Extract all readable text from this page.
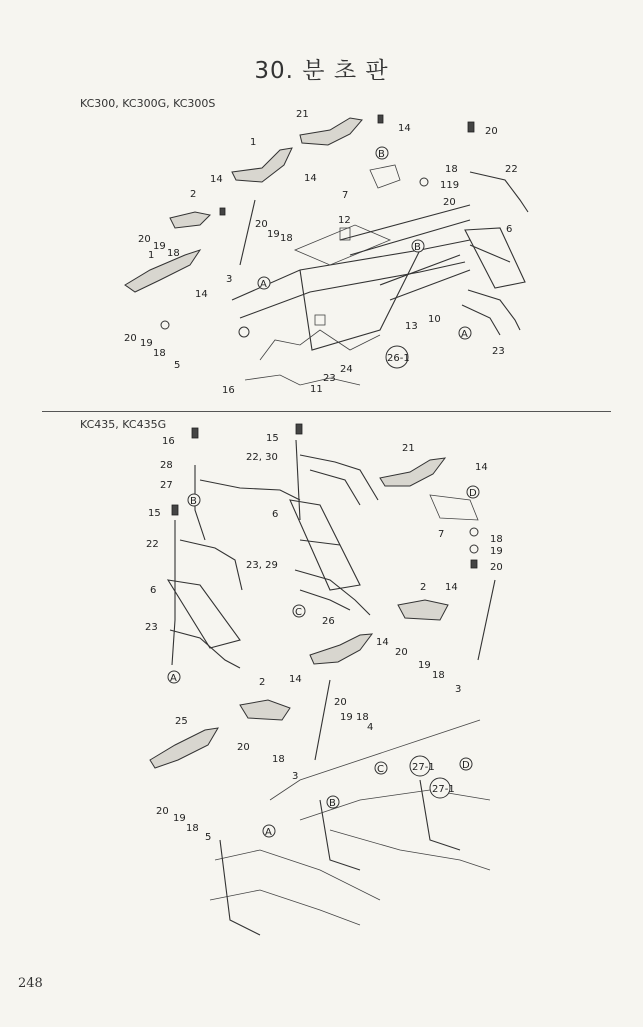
30. 분 초 판
KC300, KC300G, KC300S
KC435, KC435G
248
21
14	20
1
14
18	22
7
119
20
2
14
20
19 18
12
6
20
19
18
1
14
3
20 19
18
5
16	11
23
24
10
13
26-1
23
A
B
B
A
16	15
22, 30
21
28	14
27
15	6
7	18
22
19
20
23, 29
6	2 14
23
26
14
20
19
18
3
2 14
25
20
18
4
20
19 18
3
27-1
27-1
20
19
18
5
B
D
C
A
C
B
D
A
